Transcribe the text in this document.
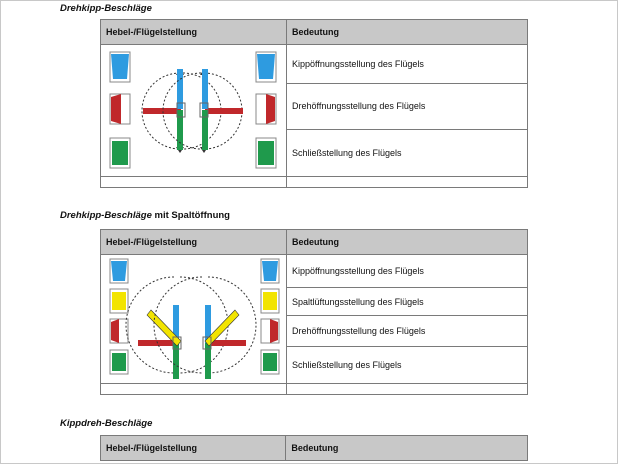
Drehkipp-Beschläge
Hebel-/Flügelstellung	Bedeutung

	Kippöffnungsstellung des Flügels
	Drehöffnungsstellung des Flügels
	Schließstellung des Flügels

Drehkipp-Beschläge mit Spaltöffnung
Hebel-/Flügelstellung	Bedeutung

	Kippöffnungsstellung des Flügels
	Spaltlüftungsstellung des Flügels
	Drehöffnungsstellung des Flügels
	Schließstellung des Flügels

Kippdreh-Beschläge
Hebel-/Flügelstellung	Bedeutung
